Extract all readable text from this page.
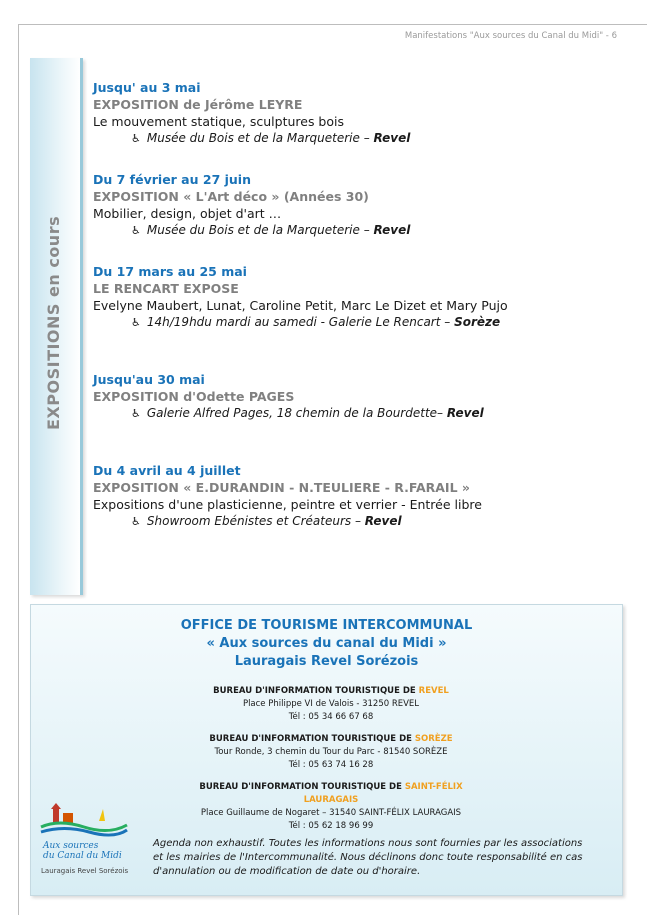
Manifestations "Aux sources du Canal du Midi" - 6
EXPOSITIONS en cours
Jusqu' au 3 mai
EXPOSITION de Jérôme LEYRE
Le mouvement statique, sculptures bois
♿ Musée du Bois et de la Marqueterie – Revel
Du 7 février au 27 juin
EXPOSITION « L'Art déco » (Années 30)
Mobilier, design, objet d'art …
♿ Musée du Bois et de la Marqueterie – Revel
Du 17 mars au 25 mai
LE RENCART EXPOSE
Evelyne Maubert, Lunat, Caroline Petit, Marc Le Dizet et Mary Pujo
♿ 14h/19hdu mardi au samedi - Galerie Le Rencart – Sorèze
Jusqu'au 30 mai
EXPOSITION d'Odette PAGES
♿ Galerie Alfred Pages, 18 chemin de la Bourdette– Revel
Du 4 avril au 4 juillet
EXPOSITION « E.DURANDIN - N.TEULIERE - R.FARAIL »
Expositions d'une plasticienne, peintre et verrier - Entrée libre
♿ Showroom Ebénistes et Créateurs – Revel
OFFICE DE TOURISME INTERCOMMUNAL
« Aux sources du canal du Midi »
Lauragais Revel Sorézois
BUREAU D'INFORMATION TOURISTIQUE DE REVEL
Place Philippe VI de Valois - 31250 REVEL
Tél : 05 34 66 67 68
BUREAU D'INFORMATION TOURISTIQUE DE SORÈZE
Tour Ronde, 3 chemin du Tour du Parc - 81540 SORÈZE
Tél : 05 63 74 16 28
BUREAU D'INFORMATION TOURISTIQUE DE SAINT-FÉLIX LAURAGAIS
Place Guillaume de Nogaret – 31540 SAINT-FÉLIX LAURAGAIS
Tél : 05 62 18 96 99
Aux sources
du Canal du Midi
Lauragais Revel Sorézois
Agenda non exhaustif. Toutes les informations nous sont fournies par les associations et les mairies de l'Intercommunalité. Nous déclinons donc toute responsabilité en cas d'annulation ou de modification de date ou d'horaire.
